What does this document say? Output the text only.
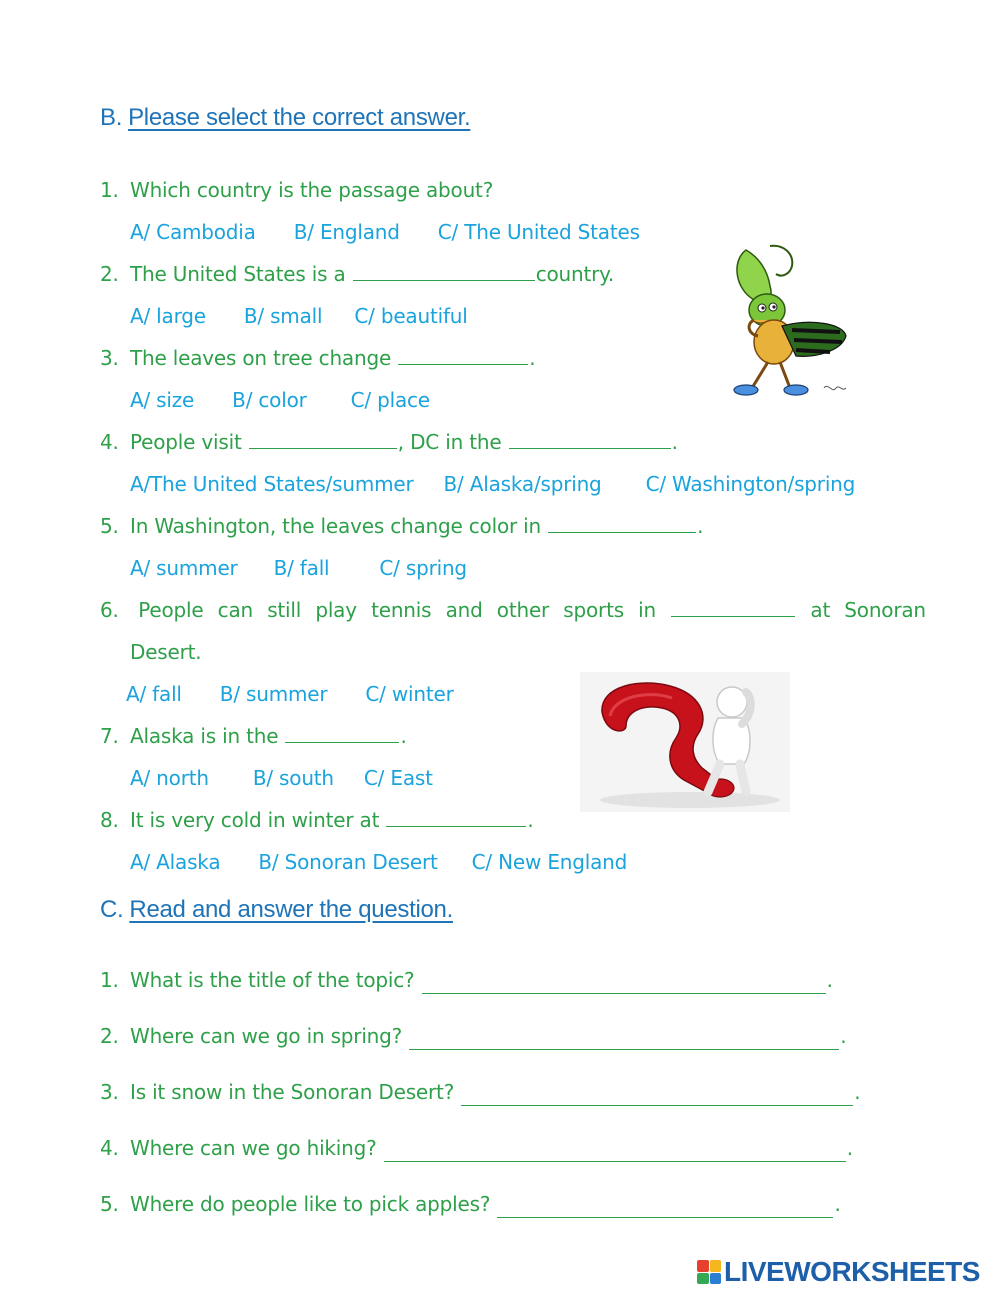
B. Please select the correct answer.
1. Which country is the passage about?
A/ Cambodia B/ England C/ The United States
2. The United States is a	country.
A/ large B/ small C/ beautiful
3. The leaves on tree change	.
A/ size B/ color C/ place
4. People visit	, DC in the	.
A/The United States/summer B/ Alaska/spring C/ Washington/spring
5. In Washington, the leaves change color in	.
A/ summer B/ fall	C/ spring
6. People can still play tennis and other sports in	at Sonoran
Desert.
A/ fall B/ summer C/ winter
7. Alaska is in the	.
A/ north B/ south C/ East
8. It is very cold in winter at	.
A/ Alaska B/ Sonoran Desert C/ New England
C. Read and answer the question.
1. What is the title of the topic?	.
2. Where can we go in spring?	.
3. Is it snow in the Sonoran Desert?	.
4. Where can we go hiking?	.
5. Where do people like to pick apples?	.
LIVEWORKSHEETS
